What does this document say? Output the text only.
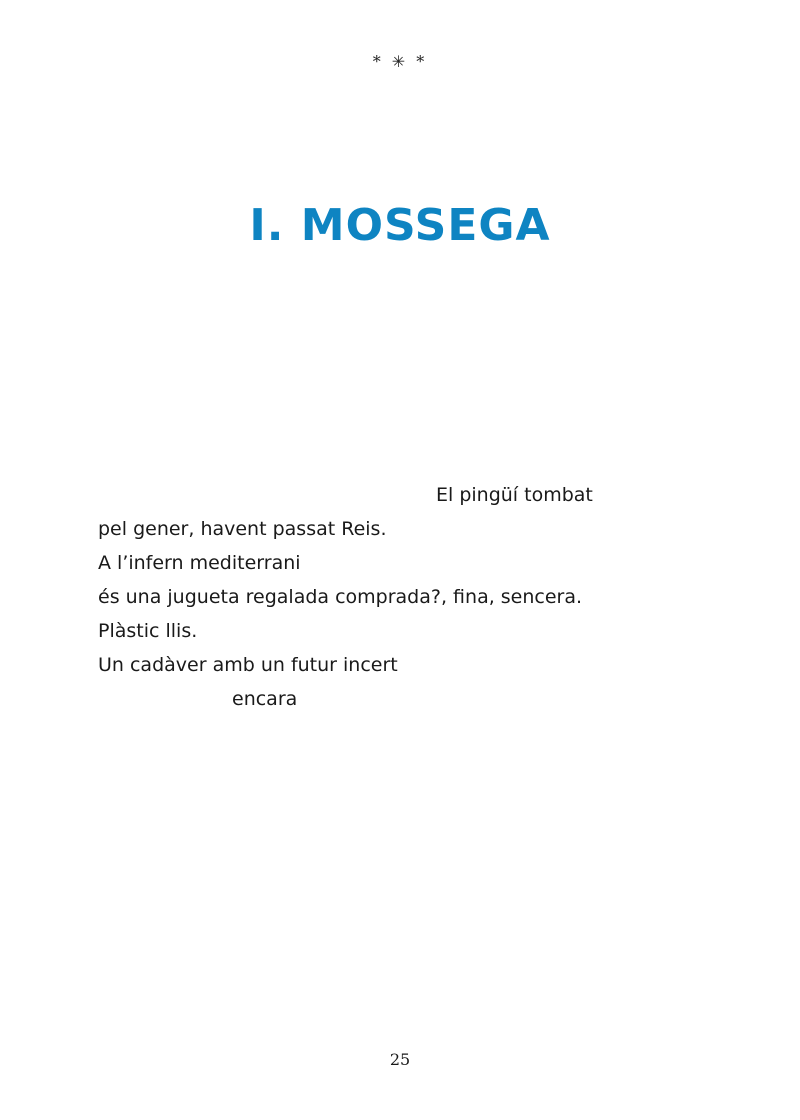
* ✳ *
I. MOSSEGA
El pingüí tombat
pel gener, havent passat Reis.
A l’infern mediterrani
és una jugueta regalada comprada?, fina, sencera.
Plàstic llis.
Un cadàver amb un futur incert
encara
25
